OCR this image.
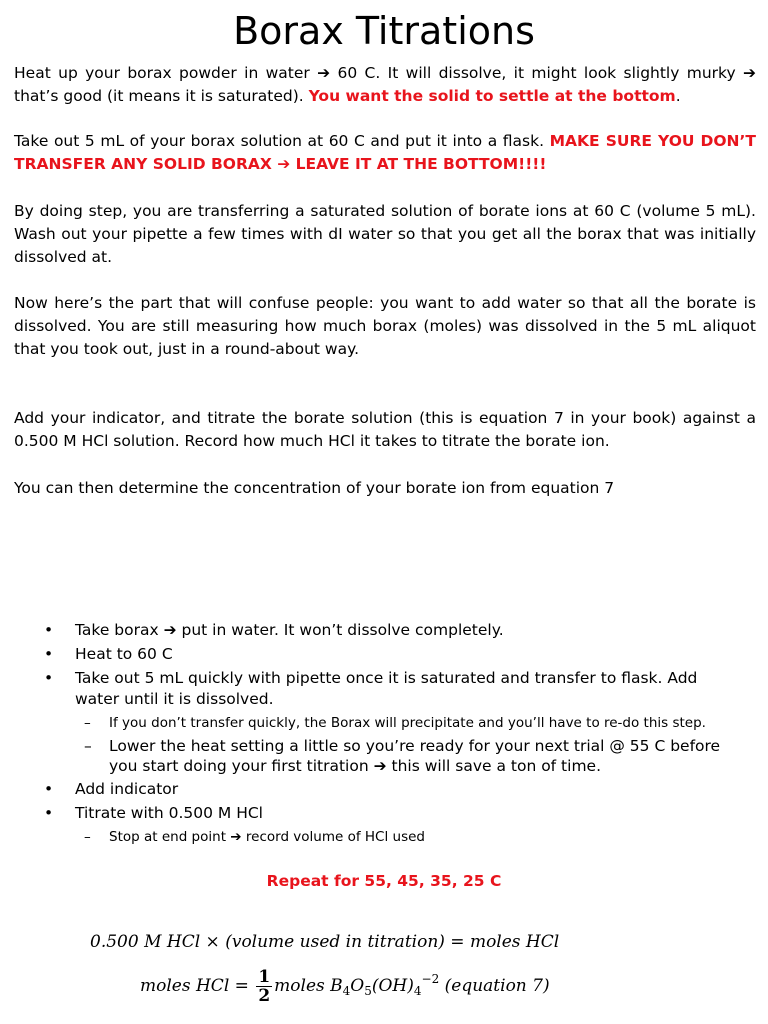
Borax Titrations
Heat up your borax powder in water ➔ 60 C. It will dissolve, it might look slightly murky ➔ that’s good (it means it is saturated). You want the solid to settle at the bottom.
Take out 5 mL of your borax solution at 60 C and put it into a flask. MAKE SURE YOU DON’T TRANSFER ANY SOLID BORAX ➔ LEAVE IT AT THE BOTTOM!!!!
By doing step, you are transferring a saturated solution of borate ions at 60 C (volume 5 mL). Wash out your pipette a few times with dI water so that you get all the borax that was initially dissolved at.
Now here’s the part that will confuse people: you want to add water so that all the borate is dissolved. You are still measuring how much borax (moles) was dissolved in the 5 mL aliquot that you took out, just in a round-about way.
Add your indicator, and titrate the borate solution (this is equation 7 in your book) against a 0.500 M HCl solution. Record how much HCl it takes to titrate the borate ion.
You can then determine the concentration of your borate ion from equation 7
• Take borax ➔ put in water. It won’t dissolve completely.
• Heat to 60 C
• Take out 5 mL quickly with pipette once it is saturated and transfer to flask. Add water until it is dissolved.
– If you don’t transfer quickly, the Borax will precipitate and you’ll have to re-do this step.
– Lower the heat setting a little so you’re ready for your next trial @ 55 C before you start doing your first titration ➔ this will save a ton of time.
• Add indicator
• Titrate with 0.500 M HCl
– Stop at end point ➔ record volume of HCl used
Repeat for 55, 45, 35, 25 C
0.500 M HCl × (volume used in titration) = moles HCl
moles HCl = $\frac{1}{2}$ moles $B_4O_5(OH)_4^{-2}$ (equation 7)
